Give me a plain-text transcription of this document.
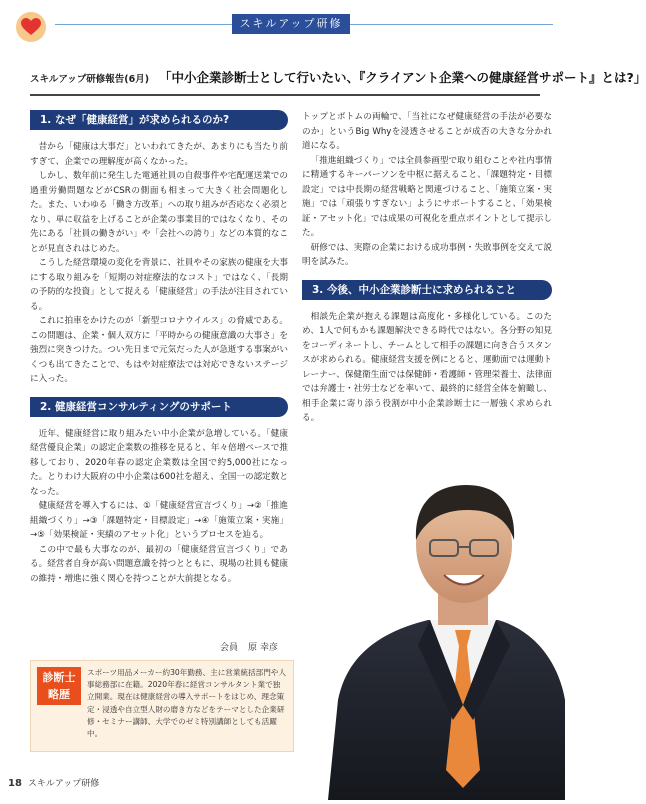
スキルアップ研修
スキルアップ研修報告(6月) 「中小企業診断士として行いたい、『クライアント企業への健康経営サポート』とは?」
1. なぜ「健康経営」が求められるのか?

昔から「健康は大事だ」といわれてきたが、あまりにも当たり前すぎて、企業での理解度が高くなかった。

しかし、数年前に発生した電通社員の自殺事件や宅配運送業での過重労働問題などがCSRの側面も相まって大きく社会問題化した。また、いわゆる「働き方改革」への取り組みが否応なく必須となり、単に収益を上げることが企業の事業目的ではなくなり、その先にある「社員の働きがい」や「会社への誇り」などの本質的なことが見直されはじめた。

こうした経営環境の変化を背景に、社員やその家族の健康を大事にする取り組みを「短期の対症療法的なコスト」ではなく、「長期の予防的な投資」として捉える「健康経営」の手法が注目されている。

これに拍車をかけたのが「新型コロナウイルス」の脅威である。この問題は、企業・個人双方に「平時からの健康意識の大事さ」を強烈に突きつけた。つい先日まで元気だった人が急逝する事案がいくつも出てきたことで、もはや対症療法では対応できないステージに入った。

2. 健康経営コンサルティングのサポート

近年、健康経営に取り組みたい中小企業が急増している。「健康経営優良企業」の認定企業数の推移を見ると、年々倍増ペースで推移しており、2020年春の認定企業数は全国で約5,000社になった。とりわけ大阪府の中小企業は600社を超え、全国一の認定数となった。

健康経営を導入するには、①「健康経営宣言づくり」→②「推進組織づくり」→③「課題特定・目標設定」→④「施策立案・実施」→⑤「効果検証・実績のアセット化」というプロセスを辿る。

この中で最も大事なのが、最初の「健康経営宣言づくり」である。経営者自身が高い問題意識を持つとともに、現場の社員も健康の維持・増進に強く関心を持つことが大前提となる。

トップとボトムの両輪で、「当社になぜ健康経営の手法が必要なのか」というBig Whyを浸透させることが成否の大きな分かれ道になる。

「推進組織づくり」では全員参画型で取り組むことや社内事情に精通するキーパーソンを中枢に据えること、「課題特定・目標設定」では中長期の経営戦略と関連づけること、「施策立案・実施」では「頑張りすぎない」ようにサポートすること、「効果検証・アセット化」では成果の可視化を重点ポイントとして提示した。

研修では、実際の企業における成功事例・失敗事例を交えて説明を試みた。

3. 今後、中小企業診断士に求められること

相談先企業が抱える課題は高度化・多様化している。このため、1人で何もかも課題解決できる時代ではない。各分野の知見をコーディネートし、チームとして相手の課題に向き合うスタンスが求められる。健康経営支援を例にとると、運動面では運動トレーナー、保健衛生面では保健師・看護師・管理栄養士、法律面では弁護士・社労士などを率いて、最終的に経営全体を俯瞰し、相手企業に寄り添う役割が中小企業診断士に一層強く求められる。

会員 原 幸彦
診断士
略歴
スポーツ用品メーカー約30年勤務、主に営業統括部門や人事総務部に在籍。2020年春に経営コンサルタント業で独立開業。現在は健康経営の導入サポートをはじめ、理念策定・浸透や自立型人財の磨き方などをテーマとした企業研修・セミナー講師、大学でのゼミ特別講師としても活躍中。
18 スキルアップ研修
